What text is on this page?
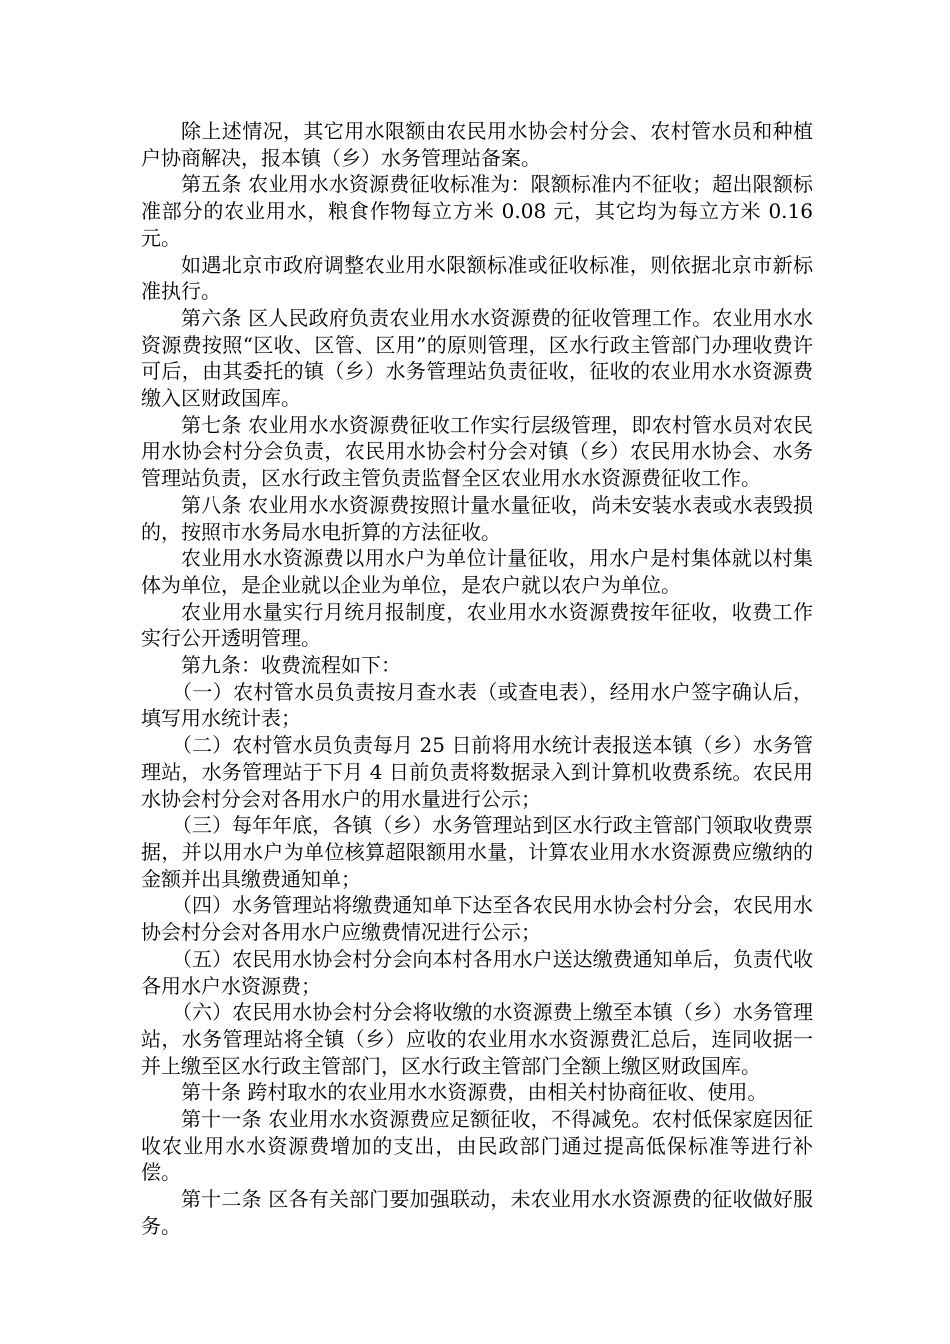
除上述情况，其它用水限额由农民用水协会村分会、农村管水员和种植户协商解决，报本镇（乡）水务管理站备案。

第五条 农业用水水资源费征收标准为：限额标准内不征收；超出限额标准部分的农业用水，粮食作物每立方米 0.08 元，其它均为每立方米 0.16 元。

如遇北京市政府调整农业用水限额标准或征收标准，则依据北京市新标准执行。

第六条 区人民政府负责农业用水水资源费的征收管理工作。农业用水水资源费按照“区收、区管、区用”的原则管理，区水行政主管部门办理收费许可后，由其委托的镇（乡）水务管理站负责征收，征收的农业用水水资源费缴入区财政国库。

第七条 农业用水水资源费征收工作实行层级管理，即农村管水员对农民用水协会村分会负责，农民用水协会村分会对镇（乡）农民用水协会、水务管理站负责，区水行政主管负责监督全区农业用水水资源费征收工作。

第八条 农业用水水资源费按照计量水量征收，尚未安装水表或水表毁损的，按照市水务局水电折算的方法征收。

农业用水水资源费以用水户为单位计量征收，用水户是村集体就以村集体为单位，是企业就以企业为单位，是农户就以农户为单位。

农业用水量实行月统月报制度，农业用水水资源费按年征收，收费工作实行公开透明管理。

第九条：收费流程如下：

（一）农村管水员负责按月查水表（或查电表），经用水户签字确认后，填写用水统计表；

（二）农村管水员负责每月 25 日前将用水统计表报送本镇（乡）水务管理站，水务管理站于下月 4 日前负责将数据录入到计算机收费系统。农民用水协会村分会对各用水户的用水量进行公示；

（三）每年年底，各镇（乡）水务管理站到区水行政主管部门领取收费票据，并以用水户为单位核算超限额用水量，计算农业用水水资源费应缴纳的金额并出具缴费通知单；

（四）水务管理站将缴费通知单下达至各农民用水协会村分会，农民用水协会村分会对各用水户应缴费情况进行公示；

（五）农民用水协会村分会向本村各用水户送达缴费通知单后，负责代收各用水户水资源费；

（六）农民用水协会村分会将收缴的水资源费上缴至本镇（乡）水务管理站，水务管理站将全镇（乡）应收的农业用水水资源费汇总后，连同收据一并上缴至区水行政主管部门，区水行政主管部门全额上缴区财政国库。

第十条 跨村取水的农业用水水资源费，由相关村协商征收、使用。

第十一条 农业用水水资源费应足额征收，不得减免。农村低保家庭因征收农业用水水资源费增加的支出，由民政部门通过提高低保标准等进行补偿。

第十二条 区各有关部门要加强联动，未农业用水水资源费的征收做好服务。
